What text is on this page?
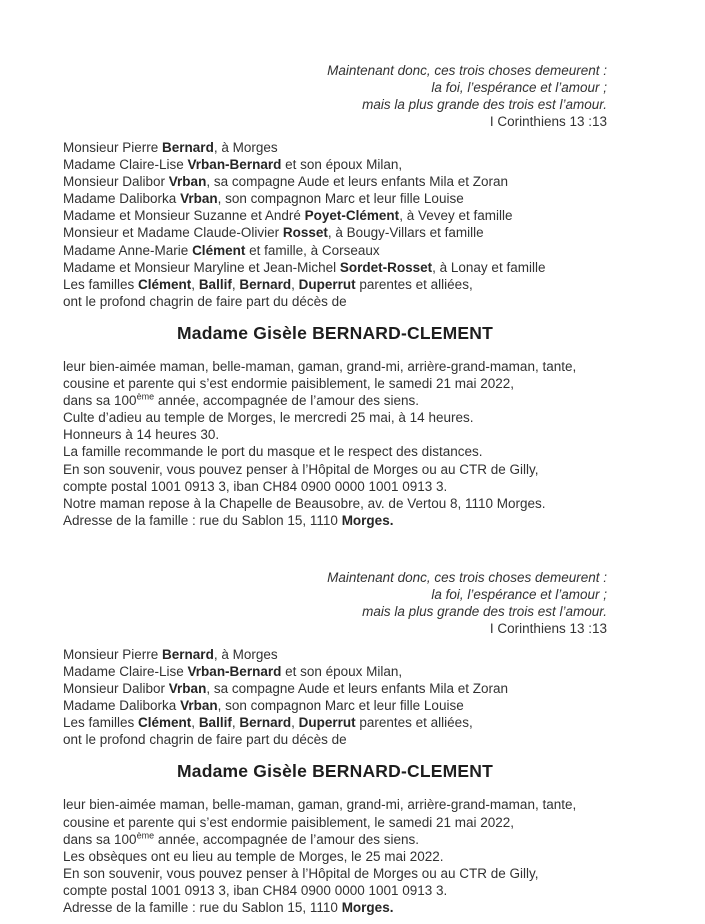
Maintenant donc, ces trois choses demeurent :
la foi, l’espérance et l’amour ;
mais la plus grande des trois est l’amour.
I Corinthiens 13 :13
Monsieur Pierre Bernard, à Morges
Madame Claire-Lise Vrban-Bernard et son époux Milan,
Monsieur Dalibor Vrban, sa compagne Aude et leurs enfants Mila et Zoran
Madame Daliborka Vrban, son compagnon Marc et leur fille Louise
Madame et Monsieur Suzanne et André Poyet-Clément, à Vevey et famille
Monsieur et Madame Claude-Olivier Rosset, à Bougy-Villars et famille
Madame Anne-Marie Clément et famille, à Corseaux
Madame et Monsieur Maryline et Jean-Michel Sordet-Rosset, à Lonay et famille
Les familles Clément, Ballif, Bernard, Duperrut parentes et alliées,
ont le profond chagrin de faire part du décès de
Madame Gisèle BERNARD-CLEMENT
leur bien-aimée maman, belle-maman, gaman, grand-mi, arrière-grand-maman, tante,
cousine et parente qui s’est endormie paisiblement, le samedi 21 mai 2022,
dans sa 100ème année, accompagnée de l’amour des siens.
Culte d’adieu au temple de Morges, le mercredi 25 mai, à 14 heures.
Honneurs à 14 heures 30.
La famille recommande le port du masque et le respect des distances.
En son souvenir, vous pouvez penser à l’Hôpital de Morges ou au CTR de Gilly,
compte postal 1001 0913 3, iban CH84 0900 0000 1001 0913 3.
Notre maman repose à la Chapelle de Beausobre, av. de Vertou 8, 1110 Morges.
Adresse de la famille : rue du Sablon 15, 1110 Morges.
Maintenant donc, ces trois choses demeurent :
la foi, l’espérance et l’amour ;
mais la plus grande des trois est l’amour.
I Corinthiens 13 :13
Monsieur Pierre Bernard, à Morges
Madame Claire-Lise Vrban-Bernard et son époux Milan,
Monsieur Dalibor Vrban, sa compagne Aude et leurs enfants Mila et Zoran
Madame Daliborka Vrban, son compagnon Marc et leur fille Louise
Les familles Clément, Ballif, Bernard, Duperrut parentes et alliées,
ont le profond chagrin de faire part du décès de
Madame Gisèle BERNARD-CLEMENT
leur bien-aimée maman, belle-maman, gaman, grand-mi, arrière-grand-maman, tante,
cousine et parente qui s’est endormie paisiblement, le samedi 21 mai 2022,
dans sa 100ème année, accompagnée de l’amour des siens.
Les obsèques ont eu lieu au temple de Morges, le 25 mai 2022.
En son souvenir, vous pouvez penser à l’Hôpital de Morges ou au CTR de Gilly,
compte postal 1001 0913 3, iban CH84 0900 0000 1001 0913 3.
Adresse de la famille : rue du Sablon 15, 1110 Morges.
